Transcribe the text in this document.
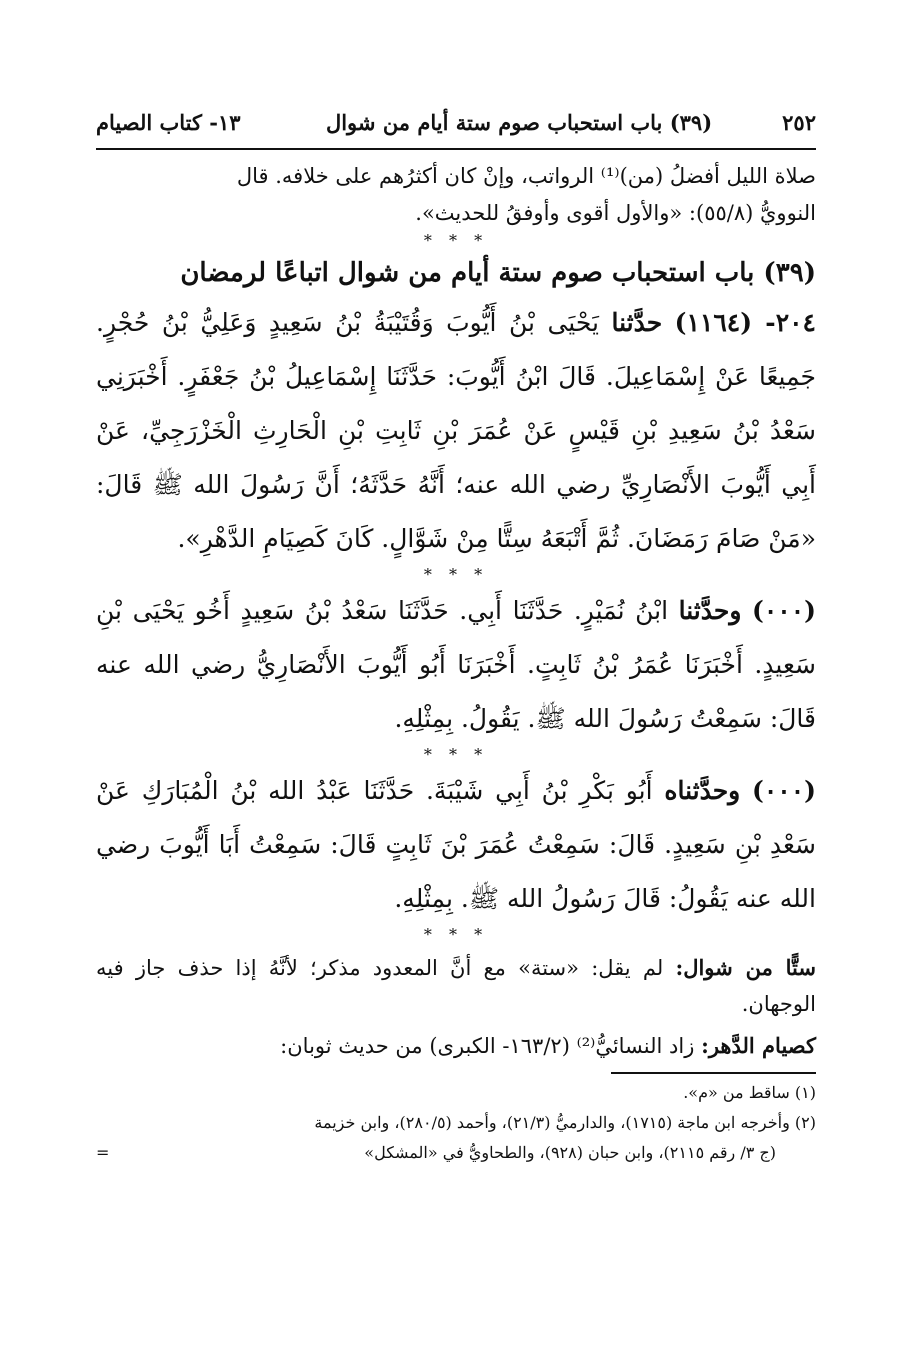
٢٥٢
(٣٩) باب استحباب صوم ستة أيام من شوال
١٣- كتاب الصيام

صلاة الليل أفضلُ (من)⁽¹⁾ الرواتب، وإنْ كان أكثرُهم على خلافه. قال
النوويُّ (٥٥/٨): «والأول أقوى وأوفقُ للحديث».

* * *

(٣٩) باب استحباب صوم ستة أيام من شوال اتباعًا لرمضان

٢٠٤- (١١٦٤) حدَّثنا يَحْيَى بْنُ أَيُّوبَ وَقُتَيْبَةُ بْنُ سَعِيدٍ وَعَلِيُّ بْنُ حُجْرٍ. جَمِيعًا عَنْ إِسْمَاعِيلَ. قَالَ ابْنُ أَيُّوبَ: حَدَّثَنَا إِسْمَاعِيلُ بْنُ جَعْفَرٍ. أَخْبَرَنِي سَعْدُ بْنُ سَعِيدِ بْنِ قَيْسٍ عَنْ عُمَرَ بْنِ ثَابِتِ بْنِ الْحَارِثِ الْخَزْرَجِيِّ، عَنْ أَبِي أَيُّوبَ الأَنْصَارِيِّ رضي الله عنه؛ أَنَّهُ حَدَّثَهُ؛ أَنَّ رَسُولَ الله ﷺ قَالَ: «مَنْ صَامَ رَمَضَانَ. ثُمَّ أَتْبَعَهُ سِتًّا مِنْ شَوَّالٍ. كَانَ كَصِيَامِ الدَّهْرِ».

* * *

(٠٠٠) وحدَّثنا ابْنُ نُمَيْرٍ. حَدَّثَنَا أَبِي. حَدَّثَنَا سَعْدُ بْنُ سَعِيدٍ أَخُو يَحْيَى بْنِ سَعِيدٍ. أَخْبَرَنَا عُمَرُ بْنُ ثَابِتٍ. أَخْبَرَنَا أَبُو أَيُّوبَ الأَنْصَارِيُّ رضي الله عنه قَالَ: سَمِعْتُ رَسُولَ الله ﷺ. يَقُولُ. بِمِثْلِهِ.

* * *

(٠٠٠) وحدَّثناه أَبُو بَكْرِ بْنُ أَبِي شَيْبَةَ. حَدَّثَنَا عَبْدُ الله بْنُ الْمُبَارَكِ عَنْ سَعْدِ بْنِ سَعِيدٍ. قَالَ: سَمِعْتُ عُمَرَ بْنَ ثَابِتٍ قَالَ: سَمِعْتُ أَبَا أَيُّوبَ رضي الله عنه يَقُولُ: قَالَ رَسُولُ الله ﷺ. بِمِثْلِهِ.

* * *

ستًّا من شوال: لم يقل: «ستة» مع أنَّ المعدود مذكر؛ لأنَّهُ إذا حذف جاز فيه الوجهان.

كصيام الدَّهر: زاد النسائيُّ⁽²⁾ (١٦٣/٢- الكبرى) من حديث ثوبان:

(١) ساقط من «م».

(٢) وأخرجه ابن ماجة (١٧١٥)، والدارميُّ (٢١/٣)، وأحمد (٢٨٠/٥)، وابن خزيمة

(ج ٣/ رقم ٢١١٥)، وابن حبان (٩٢٨)، والطحاويُّ في «المشكل»
=
